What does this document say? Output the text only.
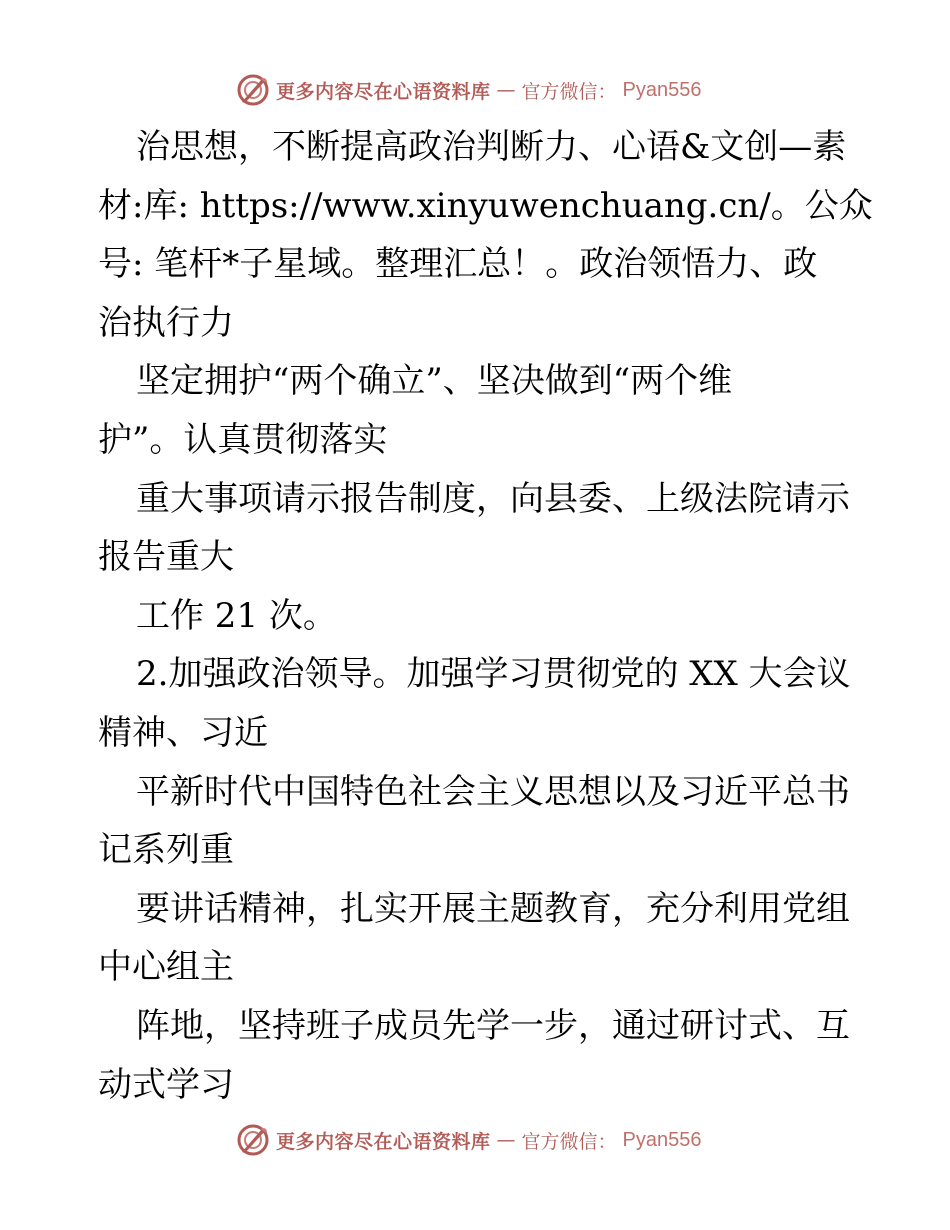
更多内容尽在心语资料库 — 官方微信： Pyan556
治思想，不断提高政治判断力、心语&文创—素
材:库: https://www.xinyuwenchuang.cn/。公众
号: 笔杆*子星域。整理汇总！。政治领悟力、政
治执行力
坚定拥护“两个确立”、坚决做到“两个维
护”。认真贯彻落实
重大事项请示报告制度，向县委、上级法院请示
报告重大
工作 21 次。
2.加强政治领导。加强学习贯彻党的 XX 大会议
精神、习近
平新时代中国特色社会主义思想以及习近平总书
记系列重
要讲话精神，扎实开展主题教育，充分利用党组
中心组主
阵地，坚持班子成员先学一步，通过研讨式、互
动式学习
更多内容尽在心语资料库 — 官方微信： Pyan556
